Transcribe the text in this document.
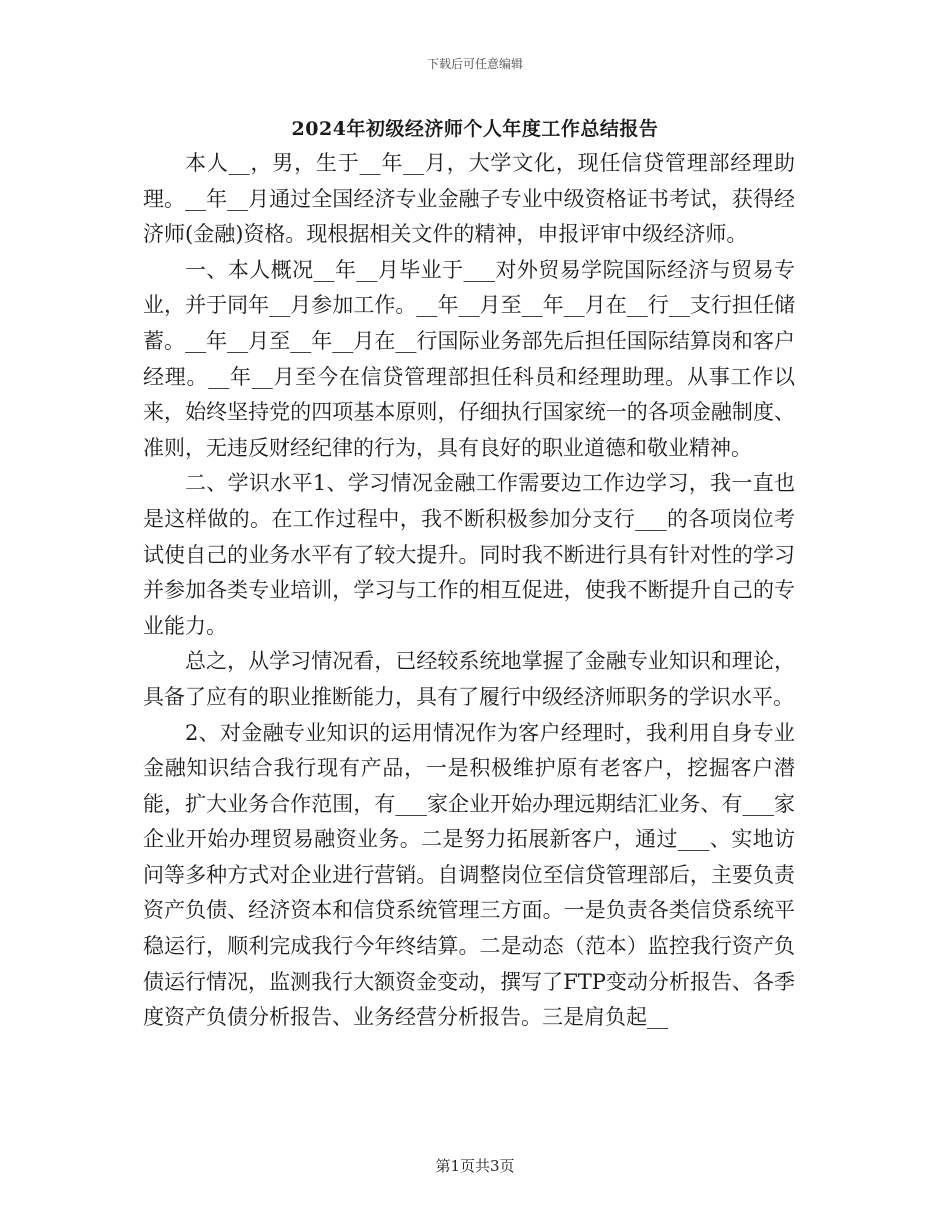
下载后可任意编辑
2024年初级经济师个人年度工作总结报告

本人__，男，生于__年__月，大学文化，现任信贷管理部经理助理。__年__月通过全国经济专业金融子专业中级资格证书考试，获得经济师(金融)资格。现根据相关文件的精神，申报评审中级经济师。

一、本人概况__年__月毕业于___对外贸易学院国际经济与贸易专业，并于同年__月参加工作。__年__月至__年__月在__行__支行担任储蓄。__年__月至__年__月在__行国际业务部先后担任国际结算岗和客户经理。__年__月至今在信贷管理部担任科员和经理助理。从事工作以来，始终坚持党的四项基本原则，仔细执行国家统一的各项金融制度、准则，无违反财经纪律的行为，具有良好的职业道德和敬业精神。

二、学识水平1、学习情况金融工作需要边工作边学习，我一直也是这样做的。在工作过程中，我不断积极参加分支行___的各项岗位考试使自己的业务水平有了较大提升。同时我不断进行具有针对性的学习并参加各类专业培训，学习与工作的相互促进，使我不断提升自己的专业能力。

总之，从学习情况看，已经较系统地掌握了金融专业知识和理论，具备了应有的职业推断能力，具有了履行中级经济师职务的学识水平。

2、对金融专业知识的运用情况作为客户经理时，我利用自身专业金融知识结合我行现有产品，一是积极维护原有老客户，挖掘客户潜能，扩大业务合作范围，有___家企业开始办理远期结汇业务、有___家企业开始办理贸易融资业务。二是努力拓展新客户，通过___、实地访问等多种方式对企业进行营销。自调整岗位至信贷管理部后，主要负责资产负债、经济资本和信贷系统管理三方面。一是负责各类信贷系统平稳运行，顺利完成我行今年终结算。二是动态（范本）监控我行资产负债运行情况，监测我行大额资金变动，撰写了FTP变动分析报告、各季度资产负债分析报告、业务经营分析报告。三是肩负起__

第1页共3页
